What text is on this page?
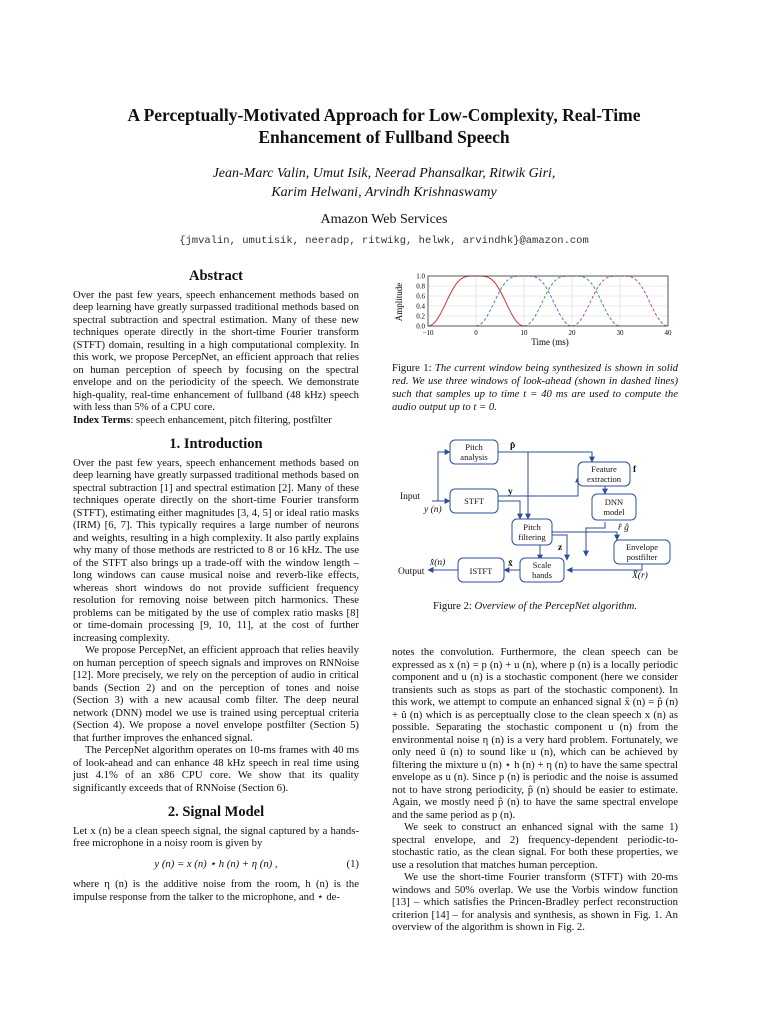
A Perceptually-Motivated Approach for Low-Complexity, Real-Time
Enhancement of Fullband Speech
Jean-Marc Valin, Umut Isik, Neerad Phansalkar, Ritwik Giri,
Karim Helwani, Arvindh Krishnaswamy
Amazon Web Services
{jmvalin, umutisik, neeradp, ritwikg, helwk, arvindhk}@amazon.com
Abstract

Over the past few years, speech enhancement methods based on deep learning have greatly surpassed traditional methods based on spectral subtraction and spectral estimation. Many of these new techniques operate directly in the short-time Fourier transform (STFT) domain, resulting in a high computational complexity. In this work, we propose PercepNet, an efficient approach that relies on human perception of speech by focusing on the spectral envelope and on the periodicity of the speech. We demonstrate high-quality, real-time enhancement of fullband (48 kHz) speech with less than 5% of a CPU core.

Index Terms: speech enhancement, pitch filtering, postfilter

1. Introduction

Over the past few years, speech enhancement methods based on deep learning have greatly surpassed traditional methods based on spectral subtraction [1] and spectral estimation [2]. Many of these techniques operate directly on the short-time Fourier transform (STFT), estimating either magnitudes [3, 4, 5] or ideal ratio masks (IRM) [6, 7]. This typically requires a large number of neurons and weights, resulting in a high complexity. It also partly explains why many of those methods are restricted to 8 or 16 kHz. The use of the STFT also brings up a trade-off with the window length – long windows can cause musical noise and reverb-like effects, whereas short windows do not provide sufficient frequency resolution for removing noise between pitch harmonics. These problems can be mitigated by the use of complex ratio masks [8] or time-domain processing [9, 10, 11], at the cost of further increasing complexity.

We propose PercepNet, an efficient approach that relies heavily on human perception of speech signals and improves on RNNoise [12]. More precisely, we rely on the perception of audio in critical bands (Section 2) and on the perception of tones and noise (Section 3) with a new acausal comb filter. The deep neural network (DNN) model we use is trained using perceptual criteria (Section 4). We propose a novel envelope postfilter (Section 5) that further improves the enhanced signal.

The PercepNet algorithm operates on 10-ms frames with 40 ms of look-ahead and can enhance 48 kHz speech in real time using just 4.1% of an x86 CPU core. We show that its quality significantly exceeds that of RNNoise (Section 6).

2. Signal Model

Let x (n) be a clean speech signal, the signal captured by a hands-free microphone in a noisy room is given by

y (n) = x (n) ⋆ h (n) + η (n) ,	(1)

where η (n) is the additive noise from the room, h (n) is the impulse response from the talker to the microphone, and ⋆ de-

−10	0	10	20	30	40
0.0
0.2
0.4
0.6
0.8
1.0
Amplitude
Time (ms)
Figure 1: The current window being synthesized is shown in solid red. We use three windows of look-ahead (shown in dashed lines) such that samples up to time t = 40 ms are used to compute the audio output up to t = 0.
Pitch
analysis
STFT
Feature
extraction
DNN
model
Pitch
filtering
Envelope
postfilter
Scale
bands
ISTFT
Input
y (n)
Output
x̂(n)
p̂
y
f
z
x̂
r̂ ĝ
X̂(r)
Figure 2: Overview of the PercepNet algorithm.

notes the convolution. Furthermore, the clean speech can be expressed as x (n) = p (n) + u (n), where p (n) is a locally periodic component and u (n) is a stochastic component (here we consider transients such as stops as part of the stochastic component). In this work, we attempt to compute an enhanced signal x̂ (n) = p̂ (n) + û (n) which is as perceptually close to the clean speech x (n) as possible. Separating the stochastic component u (n) from the environmental noise η (n) is a very hard problem. Fortunately, we only need û (n) to sound like u (n), which can be achieved by filtering the mixture u (n) ⋆ h (n) + η (n) to have the same spectral envelope as u (n). Since p (n) is periodic and the noise is assumed not to have strong periodicity, p̂ (n) should be easier to estimate. Again, we mostly need p̂ (n) to have the same spectral envelope and the same period as p (n).

We seek to construct an enhanced signal with the same 1) spectral envelope, and 2) frequency-dependent periodic-to-stochastic ratio, as the clean signal. For both these properties, we use a resolution that matches human perception.

We use the short-time Fourier transform (STFT) with 20-ms windows and 50% overlap. We use the Vorbis window function [13] – which satisfies the Princen-Bradley perfect reconstruction criterion [14] – for analysis and synthesis, as shown in Fig. 1. An overview of the algorithm is shown in Fig. 2.
